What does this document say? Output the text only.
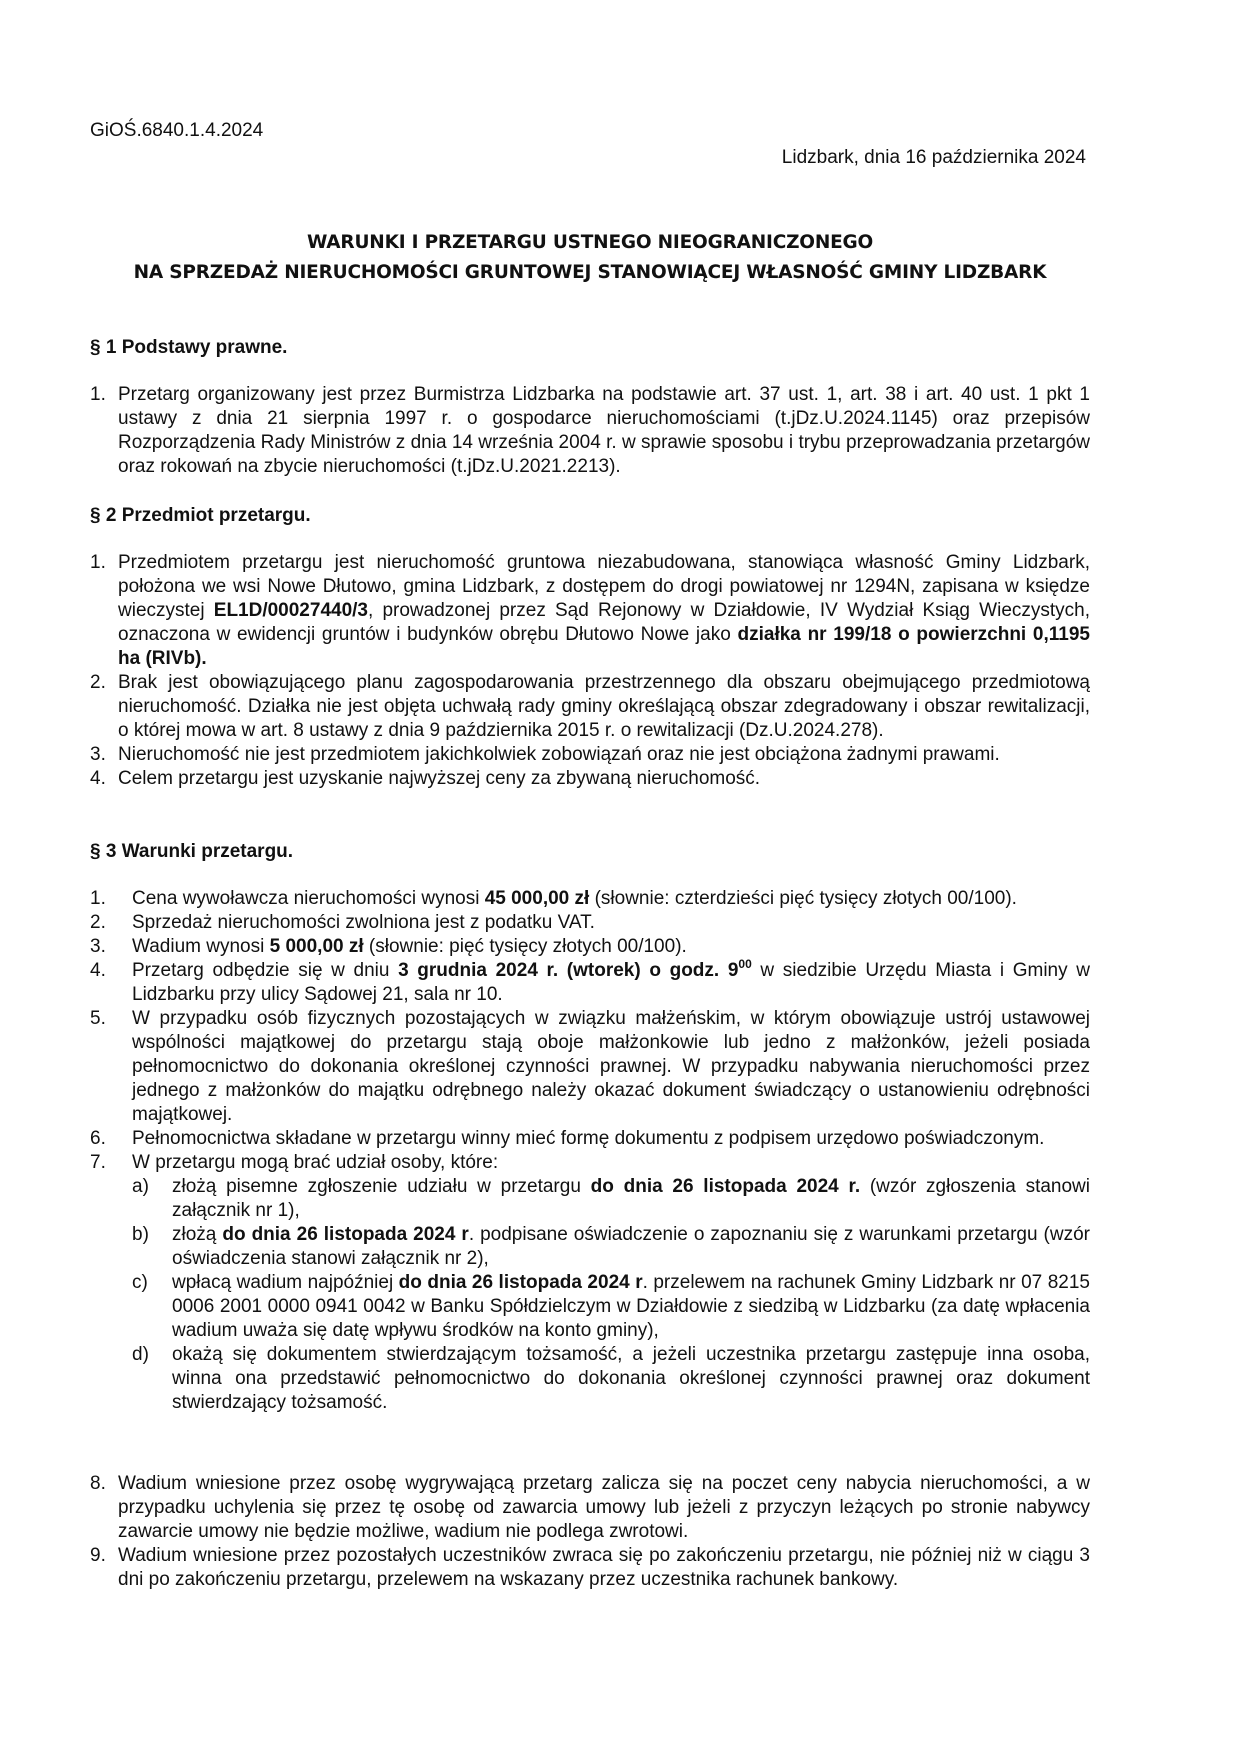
GiOŚ.6840.1.4.2024
Lidzbark, dnia 16 października 2024
WARUNKI I PRZETARGU USTNEGO NIEOGRANICZONEGO
NA SPRZEDAŻ NIERUCHOMOŚCI GRUNTOWEJ STANOWIĄCEJ WŁASNOŚĆ GMINY LIDZBARK
§ 1 Podstawy prawne.
1. Przetarg organizowany jest przez Burmistrza Lidzbarka na podstawie art. 37 ust. 1, art. 38 i art. 40 ust. 1 pkt 1 ustawy z dnia 21 sierpnia 1997 r. o gospodarce nieruchomościami (t.jDz.U.2024.1145) oraz przepisów Rozporządzenia Rady Ministrów z dnia 14 września 2004 r. w sprawie sposobu i trybu przeprowadzania przetargów oraz rokowań na zbycie nieruchomości (t.jDz.U.2021.2213).
§ 2 Przedmiot przetargu.
1. Przedmiotem przetargu jest nieruchomość gruntowa niezabudowana, stanowiąca własność Gminy Lidzbark, położona we wsi Nowe Dłutowo, gmina Lidzbark, z dostępem do drogi powiatowej nr 1294N, zapisana w księdze wieczystej EL1D/00027440/3, prowadzonej przez Sąd Rejonowy w Działdowie, IV Wydział Ksiąg Wieczystych, oznaczona w ewidencji gruntów i budynków obrębu Dłutowo Nowe jako działka nr 199/18 o powierzchni 0,1195 ha (RIVb).
2. Brak jest obowiązującego planu zagospodarowania przestrzennego dla obszaru obejmującego przedmiotową nieruchomość. Działka nie jest objęta uchwałą rady gminy określającą obszar zdegradowany i obszar rewitalizacji, o której mowa w art. 8 ustawy z dnia 9 października 2015 r. o rewitalizacji (Dz.U.2024.278).
3. Nieruchomość nie jest przedmiotem jakichkolwiek zobowiązań oraz nie jest obciążona żadnymi prawami.
4. Celem przetargu jest uzyskanie najwyższej ceny za zbywaną nieruchomość.
§ 3 Warunki przetargu.
1. Cena wywoławcza nieruchomości wynosi 45 000,00 zł (słownie: czterdzieści pięć tysięcy złotych 00/100).
2. Sprzedaż nieruchomości zwolniona jest z podatku VAT.
3. Wadium wynosi 5 000,00 zł (słownie: pięć tysięcy złotych 00/100).
4. Przetarg odbędzie się w dniu 3 grudnia 2024 r. (wtorek) o godz. $9^{00}$ w siedzibie Urzędu Miasta i Gminy w Lidzbarku przy ulicy Sądowej 21, sala nr 10.
5. W przypadku osób fizycznych pozostających w związku małżeńskim, w którym obowiązuje ustrój ustawowej wspólności majątkowej do przetargu stają oboje małżonkowie lub jedno z małżonków, jeżeli posiada pełnomocnictwo do dokonania określonej czynności prawnej. W przypadku nabywania nieruchomości przez jednego z małżonków do majątku odrębnego należy okazać dokument świadczący o ustanowieniu odrębności majątkowej.
6. Pełnomocnictwa składane w przetargu winny mieć formę dokumentu z podpisem urzędowo poświadczonym.
7. W przetargu mogą brać udział osoby, które:
a) złożą pisemne zgłoszenie udziału w przetargu do dnia 26 listopada 2024 r. (wzór zgłoszenia stanowi załącznik nr 1),
b) złożą do dnia 26 listopada 2024 r. podpisane oświadczenie o zapoznaniu się z warunkami przetargu (wzór oświadczenia stanowi załącznik nr 2),
c) wpłacą wadium najpóźniej do dnia 26 listopada 2024 r. przelewem na rachunek Gminy Lidzbark nr 07 8215 0006 2001 0000 0941 0042 w Banku Spółdzielczym w Działdowie z siedzibą w Lidzbarku (za datę wpłacenia wadium uważa się datę wpływu środków na konto gminy),
d) okażą się dokumentem stwierdzającym tożsamość, a jeżeli uczestnika przetargu zastępuje inna osoba, winna ona przedstawić pełnomocnictwo do dokonania określonej czynności prawnej oraz dokument stwierdzający tożsamość.
8. Wadium wniesione przez osobę wygrywającą przetarg zalicza się na poczet ceny nabycia nieruchomości, a w przypadku uchylenia się przez tę osobę od zawarcia umowy lub jeżeli z przyczyn leżących po stronie nabywcy zawarcie umowy nie będzie możliwe, wadium nie podlega zwrotowi.
9. Wadium wniesione przez pozostałych uczestników zwraca się po zakończeniu przetargu, nie później niż w ciągu 3 dni po zakończeniu przetargu, przelewem na wskazany przez uczestnika rachunek bankowy.
